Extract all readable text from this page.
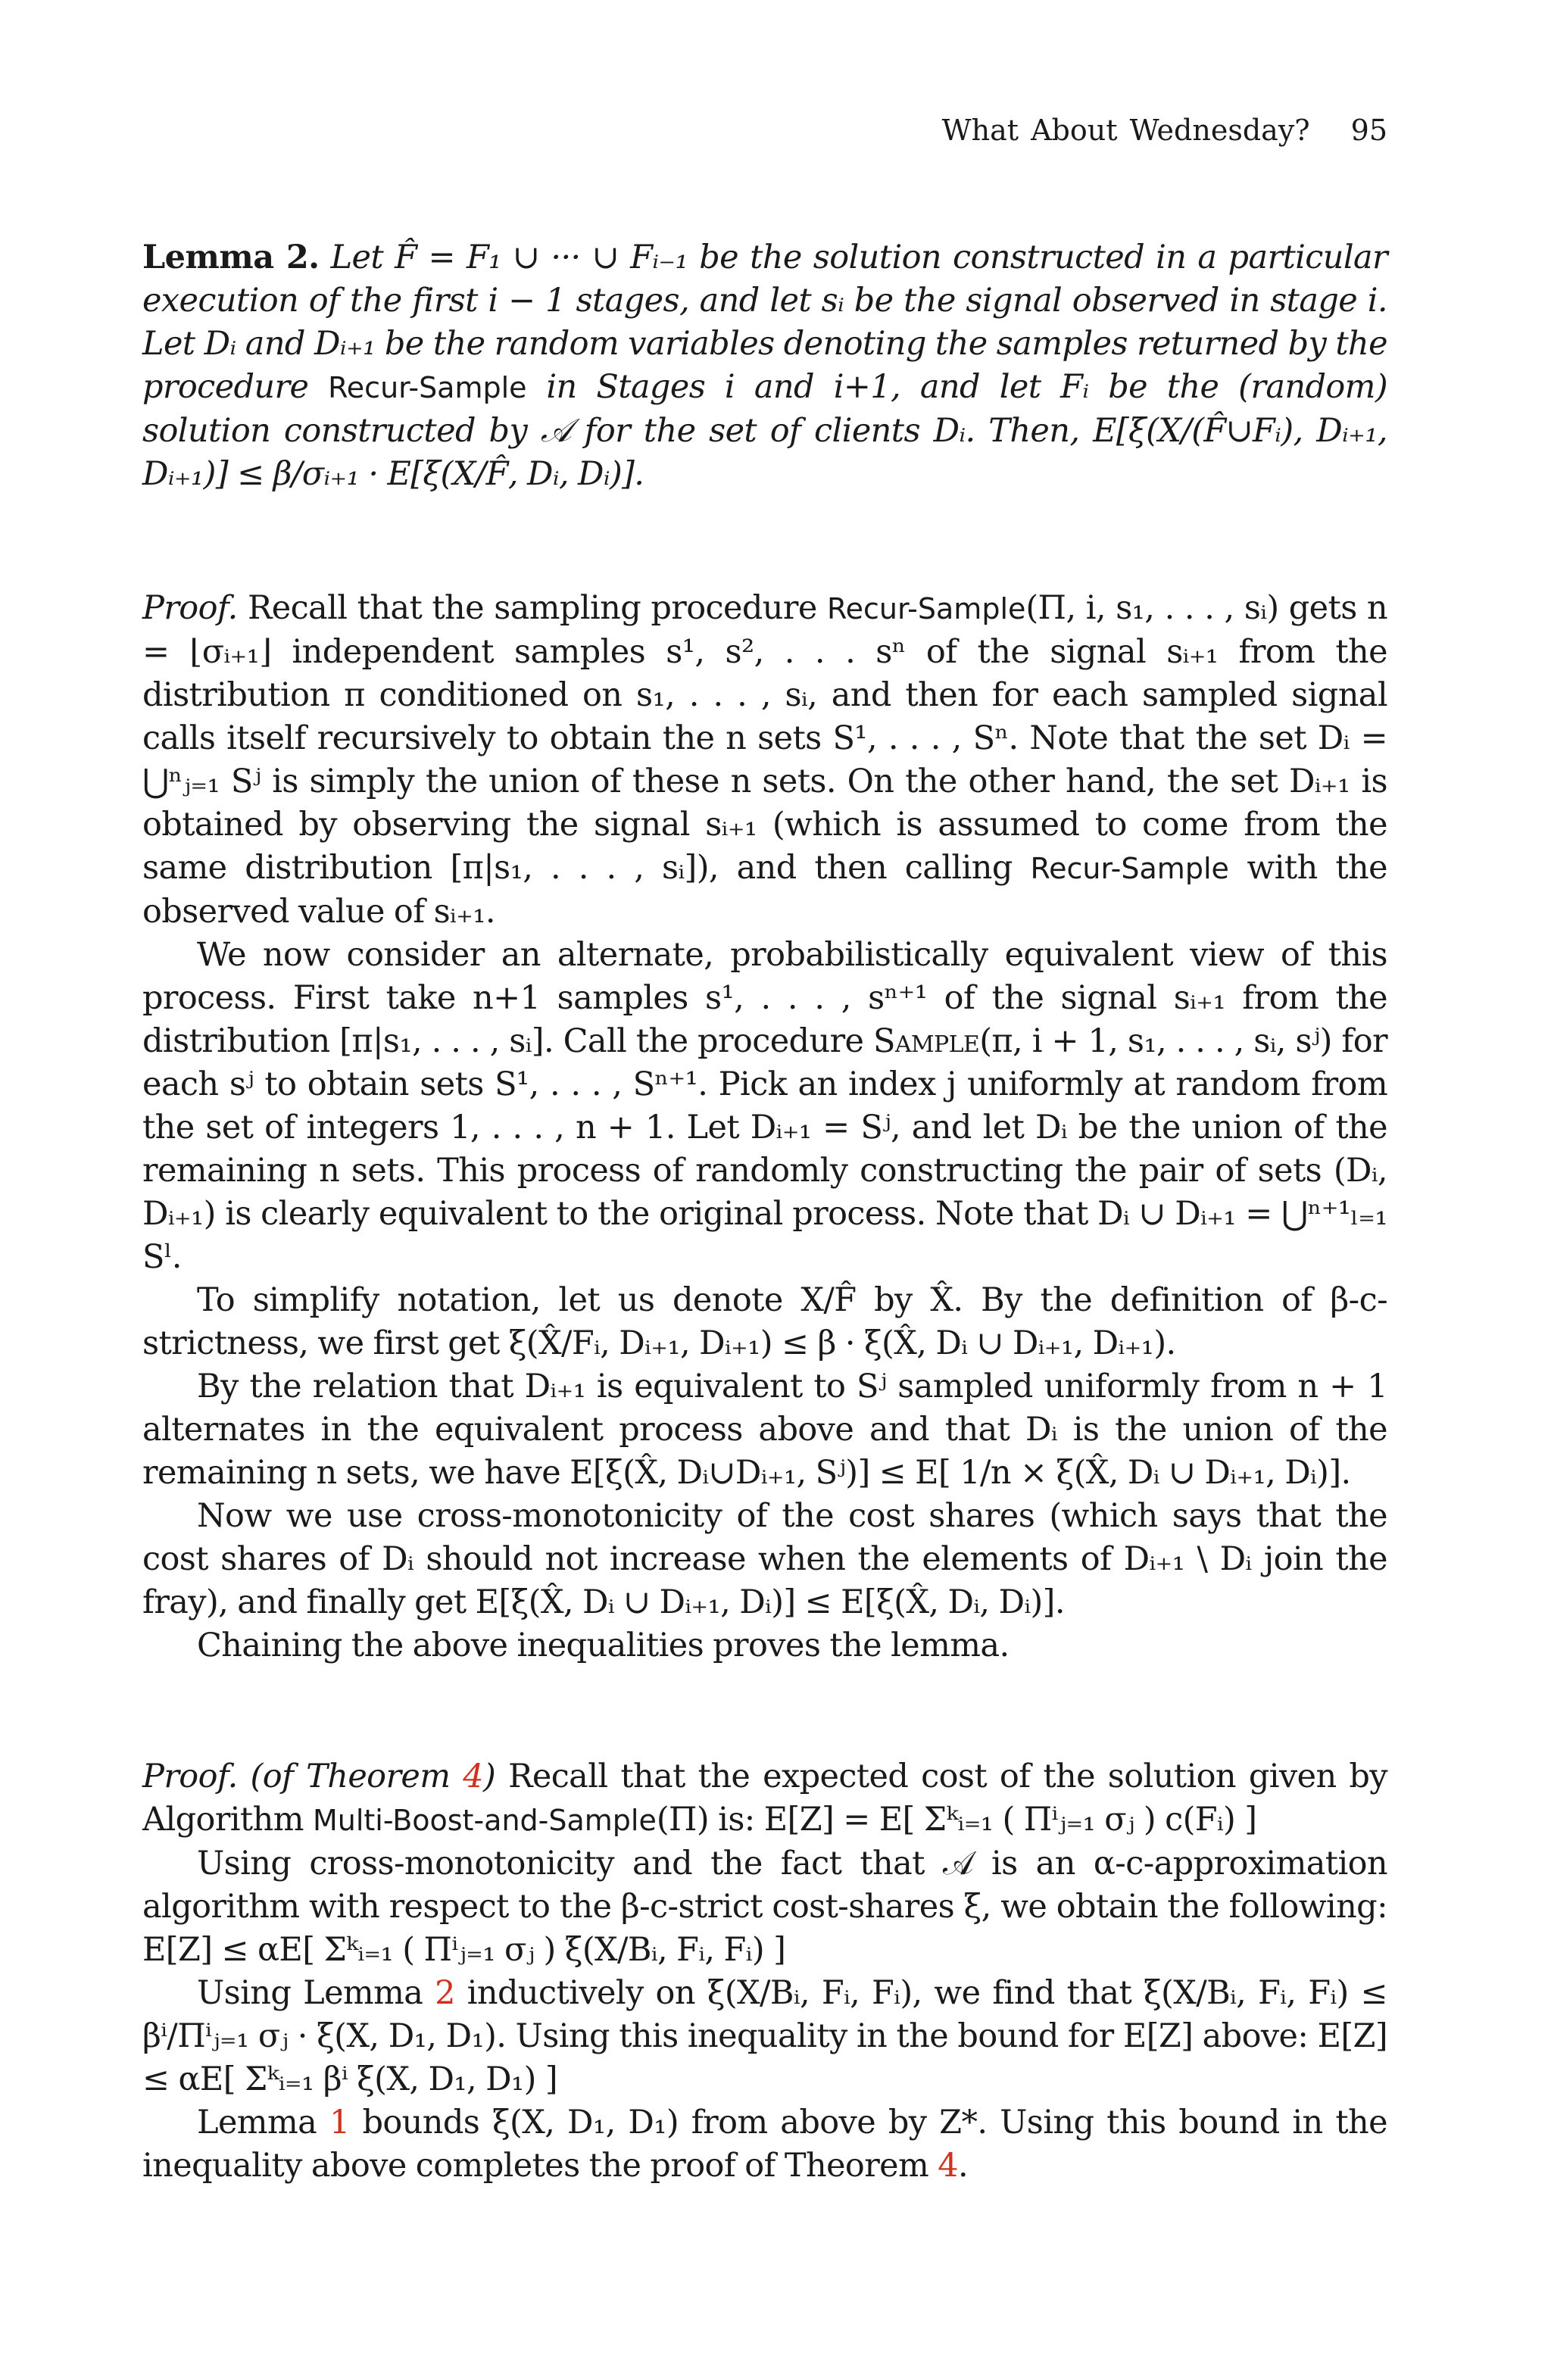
What About Wednesday? 95

Lemma 2. Let F̂ = F₁ ∪ ··· ∪ Fᵢ₋₁ be the solution constructed in a particular execution of the first i − 1 stages, and let sᵢ be the signal observed in stage i. Let Dᵢ and Dᵢ₊₁ be the random variables denoting the samples returned by the procedure Recur-Sample in Stages i and i+1, and let Fᵢ be the (random) solution constructed by 𝒜 for the set of clients Dᵢ. Then, E[ξ(X/(F̂∪Fᵢ), Dᵢ₊₁, Dᵢ₊₁)] ≤ β/σᵢ₊₁ · E[ξ(X/F̂, Dᵢ, Dᵢ)].

Proof. Recall that the sampling procedure Recur-Sample(Π, i, s₁, . . . , sᵢ) gets n = ⌊σᵢ₊₁⌋ independent samples s¹, s², . . . sⁿ of the signal sᵢ₊₁ from the distribution π conditioned on s₁, . . . , sᵢ, and then for each sampled signal calls itself recursively to obtain the n sets S¹, . . . , Sⁿ. Note that the set Dᵢ = ⋃ⁿⱼ₌₁ Sʲ is simply the union of these n sets. On the other hand, the set Dᵢ₊₁ is obtained by observing the signal sᵢ₊₁ (which is assumed to come from the same distribution [π|s₁, . . . , sᵢ]), and then calling Recur-Sample with the observed value of sᵢ₊₁.

We now consider an alternate, probabilistically equivalent view of this process. First take n+1 samples s¹, . . . , sⁿ⁺¹ of the signal sᵢ₊₁ from the distribution [π|s₁, . . . , sᵢ]. Call the procedure Sample(π, i + 1, s₁, . . . , sᵢ, sʲ) for each sʲ to obtain sets S¹, . . . , Sⁿ⁺¹. Pick an index j uniformly at random from the set of integers 1, . . . , n + 1. Let Dᵢ₊₁ = Sʲ, and let Dᵢ be the union of the remaining n sets. This process of randomly constructing the pair of sets (Dᵢ, Dᵢ₊₁) is clearly equivalent to the original process. Note that Dᵢ ∪ Dᵢ₊₁ = ⋃ⁿ⁺¹ₗ₌₁ Sˡ.

To simplify notation, let us denote X/F̂ by X̂. By the definition of β-c-strictness, we first get ξ(X̂/Fᵢ, Dᵢ₊₁, Dᵢ₊₁) ≤ β · ξ(X̂, Dᵢ ∪ Dᵢ₊₁, Dᵢ₊₁).

By the relation that Dᵢ₊₁ is equivalent to Sʲ sampled uniformly from n + 1 alternates in the equivalent process above and that Dᵢ is the union of the remaining n sets, we have E[ξ(X̂, Dᵢ∪Dᵢ₊₁, Sʲ)] ≤ E[ 1/n × ξ(X̂, Dᵢ ∪ Dᵢ₊₁, Dᵢ)].

Now we use cross-monotonicity of the cost shares (which says that the cost shares of Dᵢ should not increase when the elements of Dᵢ₊₁ \ Dᵢ join the fray), and finally get E[ξ(X̂, Dᵢ ∪ Dᵢ₊₁, Dᵢ)] ≤ E[ξ(X̂, Dᵢ, Dᵢ)].

Chaining the above inequalities proves the lemma.

Proof. (of Theorem 4) Recall that the expected cost of the solution given by Algorithm Multi-Boost-and-Sample(Π) is: E[Z] = E[ Σᵏᵢ₌₁ ( Πⁱⱼ₌₁ σⱼ ) c(Fᵢ) ]

Using cross-monotonicity and the fact that 𝒜 is an α-c-approximation algorithm with respect to the β-c-strict cost-shares ξ, we obtain the following: E[Z] ≤ αE[ Σᵏᵢ₌₁ ( Πⁱⱼ₌₁ σⱼ ) ξ(X/Bᵢ, Fᵢ, Fᵢ) ]

Using Lemma 2 inductively on ξ(X/Bᵢ, Fᵢ, Fᵢ), we find that ξ(X/Bᵢ, Fᵢ, Fᵢ) ≤ βⁱ/Πⁱⱼ₌₁ σⱼ · ξ(X, D₁, D₁). Using this inequality in the bound for E[Z] above: E[Z] ≤ αE[ Σᵏᵢ₌₁ βⁱ ξ(X, D₁, D₁) ]

Lemma 1 bounds ξ(X, D₁, D₁) from above by Z*. Using this bound in the inequality above completes the proof of Theorem 4.
